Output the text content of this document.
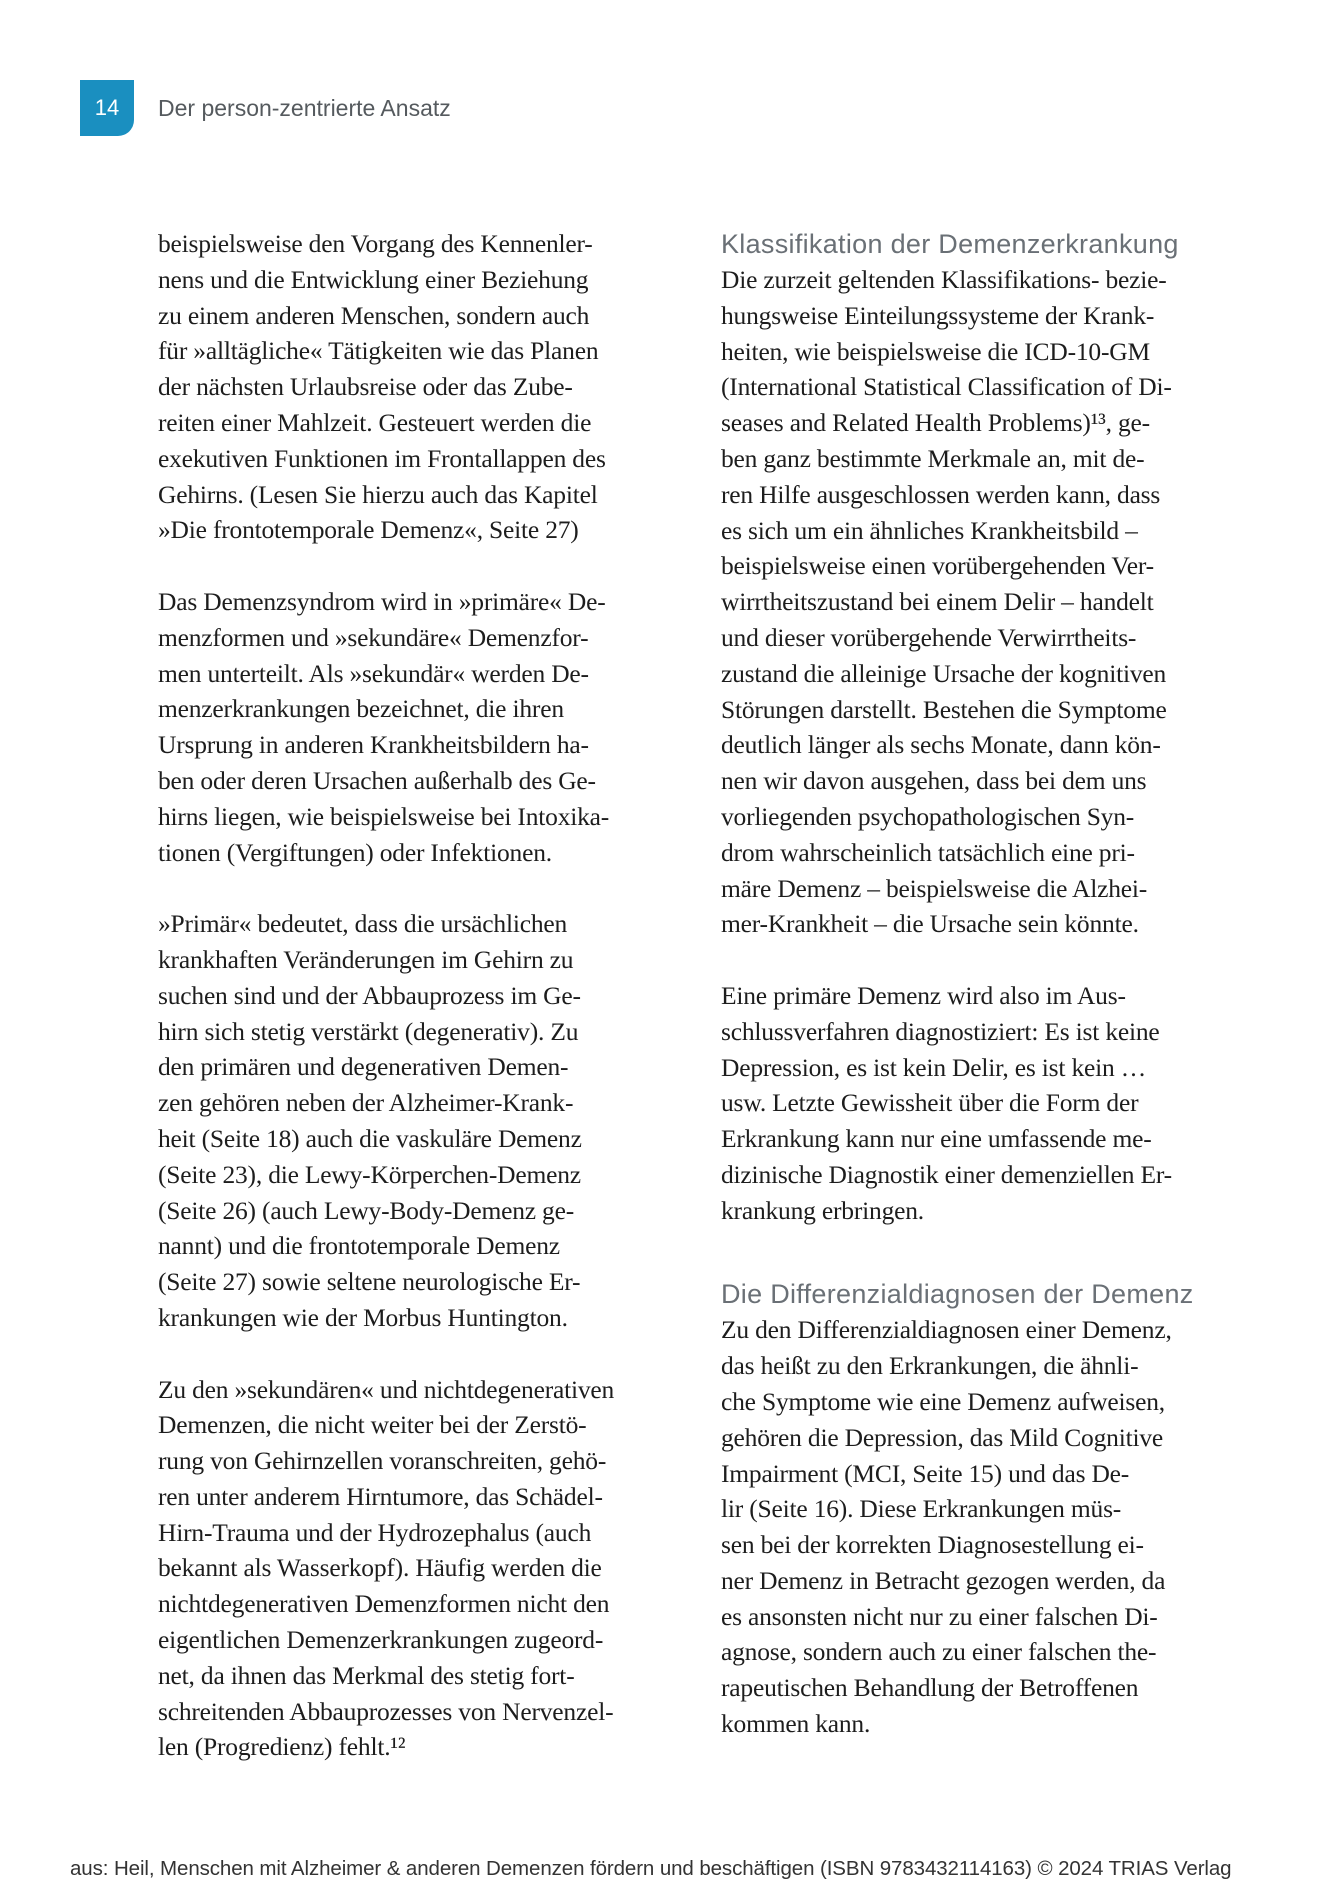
14	Der person-zentrierte Ansatz
beispielsweise den Vorgang des Kennenler-
nens und die Entwicklung einer Beziehung
zu einem anderen Menschen, sondern auch
für »alltägliche« Tätigkeiten wie das Planen
der nächsten Urlaubsreise oder das Zube-
reiten einer Mahlzeit. Gesteuert werden die
exekutiven Funktionen im Frontallappen des
Gehirns. (Lesen Sie hierzu auch das Kapitel
»Die frontotemporale Demenz«, Seite 27)
Das Demenzsyndrom wird in »primäre« De-
menzformen und »sekundäre« Demenzfor-
men unterteilt. Als »sekundär« werden De-
menzerkrankungen bezeichnet, die ihren
Ursprung in anderen Krankheitsbildern ha-
ben oder deren Ursachen außerhalb des Ge-
hirns liegen, wie beispielsweise bei Intoxika-
tionen (Vergiftungen) oder Infektionen.
»Primär« bedeutet, dass die ursächlichen
krankhaften Veränderungen im Gehirn zu
suchen sind und der Abbauprozess im Ge-
hirn sich stetig verstärkt (degenerativ). Zu
den primären und degenerativen Demen-
zen gehören neben der Alzheimer-Krank-
heit (Seite 18) auch die vaskuläre Demenz
(Seite 23), die Lewy-Körperchen-Demenz
(Seite 26) (auch Lewy-Body-Demenz ge-
nannt) und die frontotemporale Demenz
(Seite 27) sowie seltene neurologische Er-
krankungen wie der Morbus Huntington.
Zu den »sekundären« und nichtdegenerativen
Demenzen, die nicht weiter bei der Zerstö-
rung von Gehirnzellen voranschreiten, gehö-
ren unter anderem Hirntumore, das Schädel-
Hirn-Trauma und der Hydrozephalus (auch
bekannt als Wasserkopf). Häufig werden die
nichtdegenerativen Demenzformen nicht den
eigentlichen Demenzerkrankungen zugeord-
net, da ihnen das Merkmal des stetig fort-
schreitenden Abbauprozesses von Nervenzel-
len (Progredienz) fehlt.¹²
Klassifikation der Demenzerkrankung
Die zurzeit geltenden Klassifikations- bezie-
hungsweise Einteilungssysteme der Krank-
heiten, wie beispielsweise die ICD-10-GM
(International Statistical Classification of Di-
seases and Related Health Problems)¹³, ge-
ben ganz bestimmte Merkmale an, mit de-
ren Hilfe ausgeschlossen werden kann, dass
es sich um ein ähnliches Krankheitsbild –
beispielsweise einen vorübergehenden Ver-
wirrtheitszustand bei einem Delir – handelt
und dieser vorübergehende Verwirrtheits-
zustand die alleinige Ursache der kognitiven
Störungen darstellt. Bestehen die Symptome
deutlich länger als sechs Monate, dann kön-
nen wir davon ausgehen, dass bei dem uns
vorliegenden psychopathologischen Syn-
drom wahrscheinlich tatsächlich eine pri-
märe Demenz – beispielsweise die Alzhei-
mer-Krankheit – die Ursache sein könnte.
Eine primäre Demenz wird also im Aus-
schlussverfahren diagnostiziert: Es ist keine
Depression, es ist kein Delir, es ist kein …
usw. Letzte Gewissheit über die Form der
Erkrankung kann nur eine umfassende me-
dizinische Diagnostik einer demenziellen Er-
krankung erbringen.
Die Differenzialdiagnosen der Demenz
Zu den Differenzialdiagnosen einer Demenz,
das heißt zu den Erkrankungen, die ähnli-
che Symptome wie eine Demenz aufweisen,
gehören die Depression, das Mild Cognitive
Impairment (MCI, Seite 15) und das De-
lir (Seite 16). Diese Erkrankungen müs-
sen bei der korrekten Diagnosestellung ei-
ner Demenz in Betracht gezogen werden, da
es ansonsten nicht nur zu einer falschen Di-
agnose, sondern auch zu einer falschen the-
rapeutischen Behandlung der Betroffenen
kommen kann.
aus: Heil, Menschen mit Alzheimer & anderen Demenzen fördern und beschäftigen (ISBN 9783432114163) © 2024 TRIAS Verlag
